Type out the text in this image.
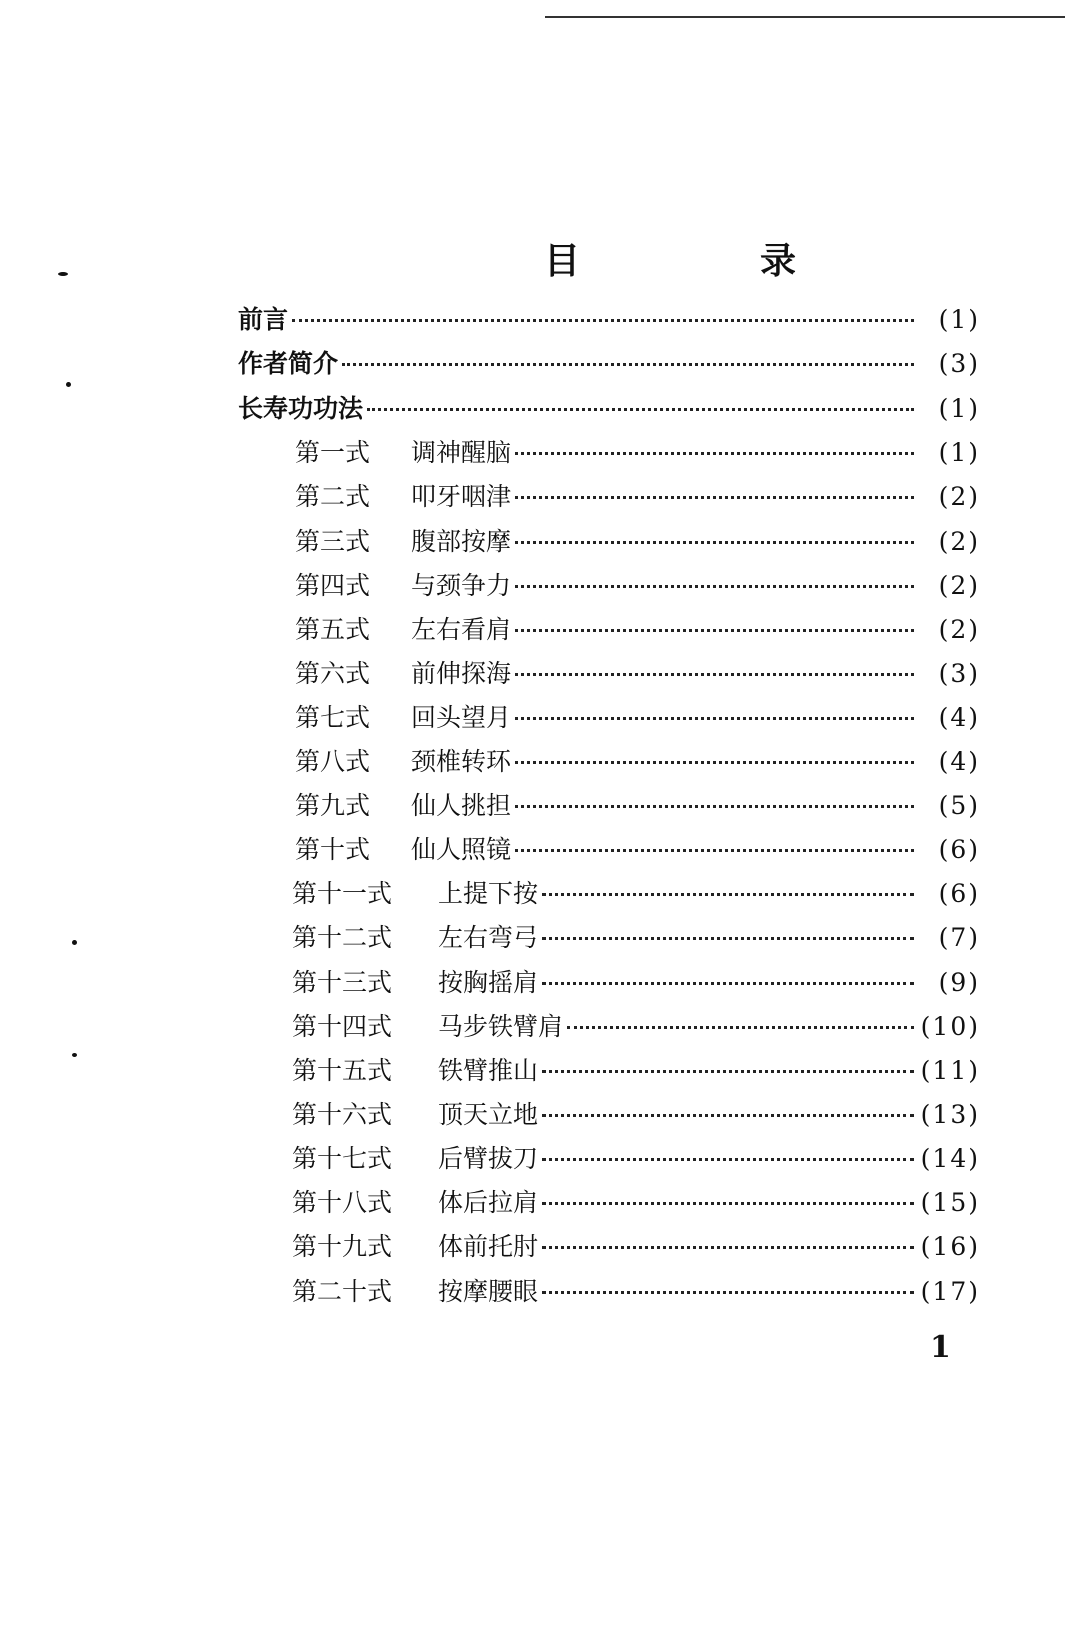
目	录
前言	(1)
作者简介	(3)
长寿功功法	(1)
第一式	调神醒脑	(1)
第二式	叩牙咽津	(2)
第三式	腹部按摩	(2)
第四式	与颈争力	(2)
第五式	左右看肩	(2)
第六式	前伸探海	(3)
第七式	回头望月	(4)
第八式	颈椎转环	(4)
第九式	仙人挑担	(5)
第十式	仙人照镜	(6)
第十一式	上提下按	(6)
第十二式	左右弯弓	(7)
第十三式	按胸摇肩	(9)
第十四式	马步铁臂肩	(10)
第十五式	铁臂推山	(11)
第十六式	顶天立地	(13)
第十七式	后臂拔刀	(14)
第十八式	体后拉肩	(15)
第十九式	体前托肘	(16)
第二十式	按摩腰眼	(17)
1
